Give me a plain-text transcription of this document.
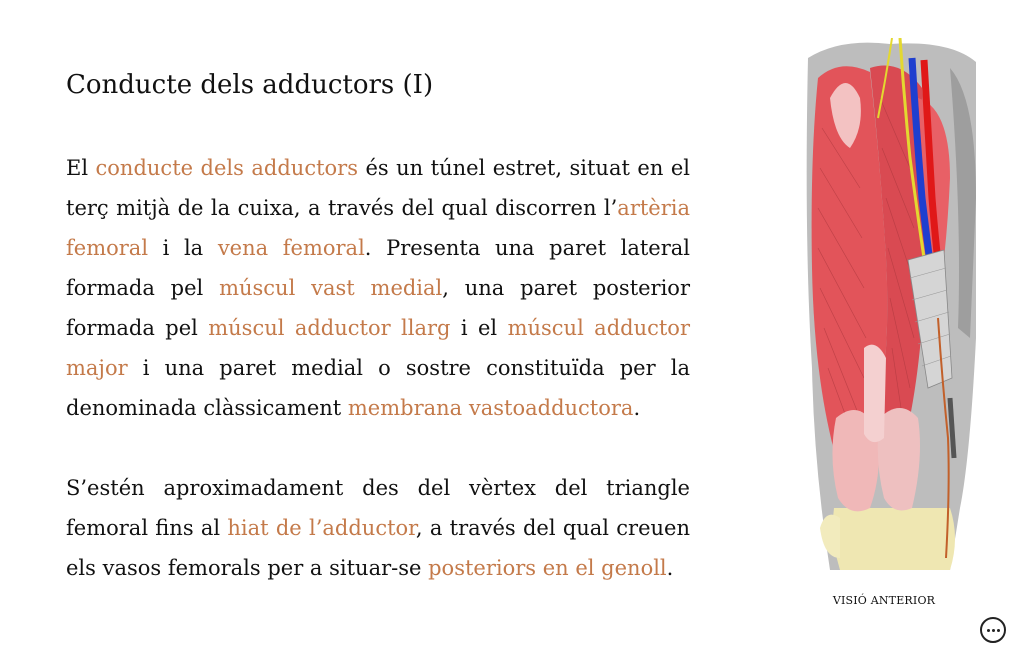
Conducte dels adductors (I)

El conducte dels adductors és un túnel estret, situat en el terç mitjà de la cuixa, a través del qual discorren l’artèria femoral i la vena femoral. Presenta una paret lateral formada pel múscul vast medial, una paret posterior formada pel múscul adductor llarg i el múscul adductor major i una paret medial o sostre constituïda per la denominada clàssicament membrana vastoadductora.

S’estén aproximadament des del vèrtex del triangle femoral fins al hiat de l’adductor, a través del qual creuen els vasos femorals per a situar-se posteriors en el genoll.

VISIÓ ANTERIOR
